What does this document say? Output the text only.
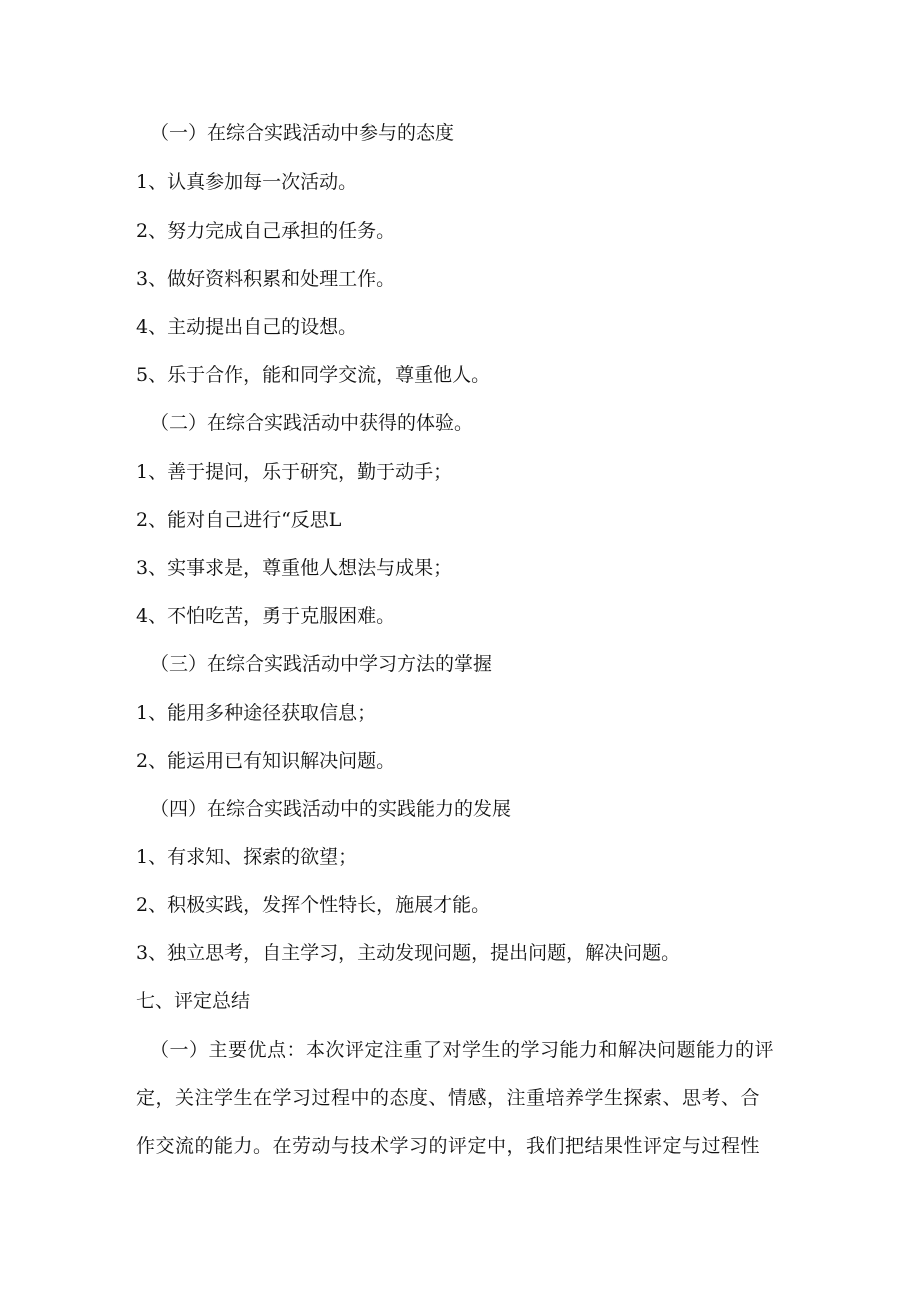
（一）在综合实践活动中参与的态度
1、认真参加每一次活动。
2、努力完成自己承担的任务。
3、做好资料积累和处理工作。
4、主动提出自己的设想。
5、乐于合作，能和同学交流，尊重他人。
（二）在综合实践活动中获得的体验。
1、善于提问，乐于研究，勤于动手；
2、能对自己进行“反思L
3、实事求是，尊重他人想法与成果；
4、不怕吃苦，勇于克服困难。
（三）在综合实践活动中学习方法的掌握
1、能用多种途径获取信息；
2、能运用已有知识解决问题。
（四）在综合实践活动中的实践能力的发展
1、有求知、探索的欲望；
2、积极实践，发挥个性特长，施展才能。
3、独立思考，自主学习，主动发现问题，提出问题，解决问题。
七、评定总结
（一）主要优点：本次评定注重了对学生的学习能力和解决问题能力的评
定，关注学生在学习过程中的态度、情感，注重培养学生探索、思考、合
作交流的能力。在劳动与技术学习的评定中，我们把结果性评定与过程性
